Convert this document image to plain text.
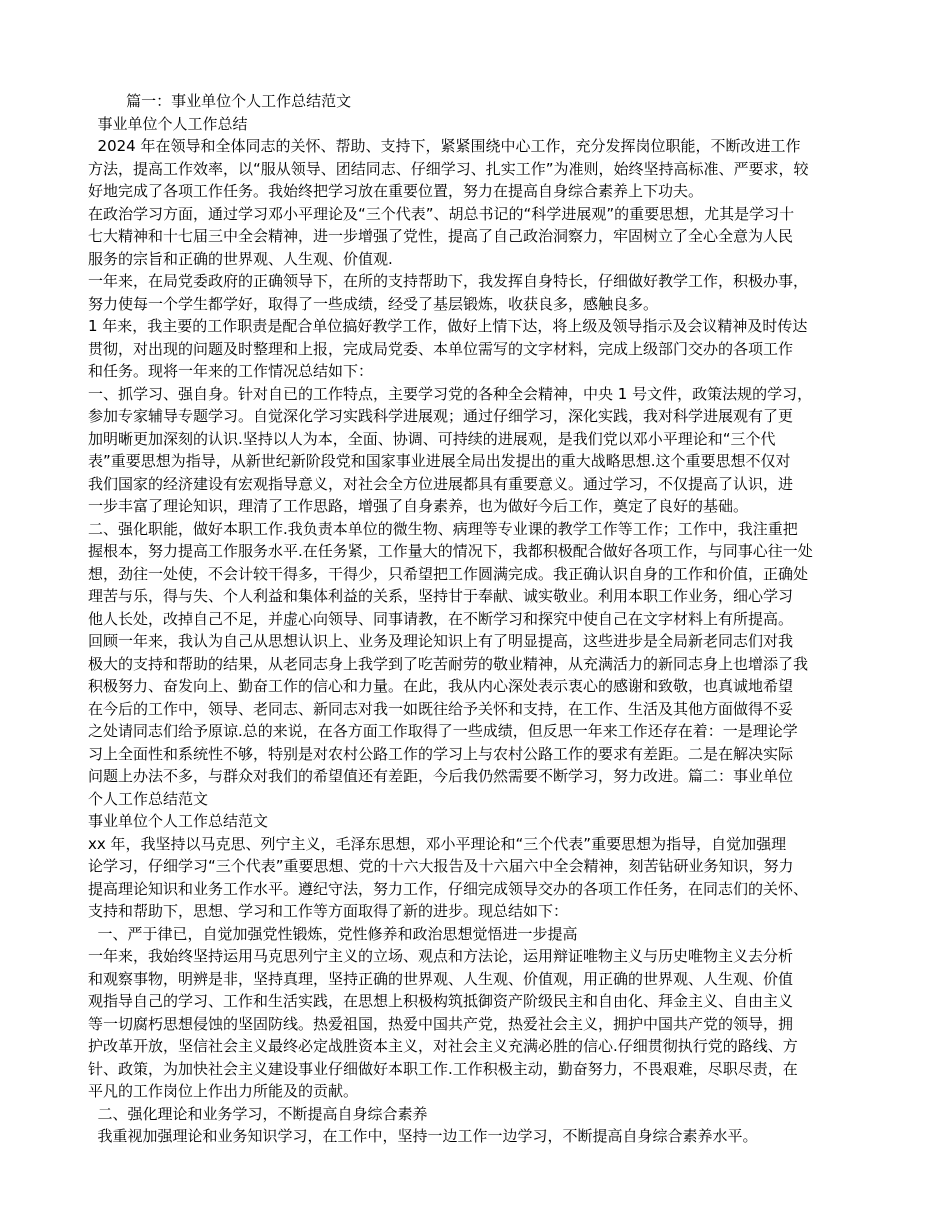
篇一：事业单位个人工作总结范文
事业单位个人工作总结
2024 年在领导和全体同志的关怀、帮助、支持下，紧紧围绕中心工作，充分发挥岗位职能，不断改进工作
方法，提高工作效率，以“服从领导、团结同志、仔细学习、扎实工作”为准则，始终坚持高标准、严要求，较
好地完成了各项工作任务。我始终把学习放在重要位置，努力在提高自身综合素养上下功夫。
在政治学习方面，通过学习邓小平理论及“三个代表”、胡总书记的“科学进展观”的重要思想，尤其是学习十
七大精神和十七届三中全会精神，进一步增强了党性，提高了自己政治洞察力，牢固树立了全心全意为人民
服务的宗旨和正确的世界观、人生观、价值观.
一年来，在局党委政府的正确领导下，在所的支持帮助下，我发挥自身特长，仔细做好教学工作，积极办事，
努力使每一个学生都学好，取得了一些成绩，经受了基层锻炼，收获良多，感触良多。
1 年来，我主要的工作职责是配合单位搞好教学工作，做好上情下达，将上级及领导指示及会议精神及时传达
贯彻，对出现的问题及时整理和上报，完成局党委、本单位需写的文字材料，完成上级部门交办的各项工作
和任务。现将一年来的工作情况总结如下：
一、抓学习、强自身。针对自已的工作特点，主要学习党的各种全会精神，中央 1 号文件，政策法规的学习，
参加专家辅导专题学习。自觉深化学习实践科学进展观；通过仔细学习，深化实践，我对科学进展观有了更
加明晰更加深刻的认识.坚持以人为本，全面、协调、可持续的进展观，是我们党以邓小平理论和“三个代
表”重要思想为指导，从新世纪新阶段党和国家事业进展全局出发提出的重大战略思想.这个重要思想不仅对
我们国家的经济建设有宏观指导意义，对社会全方位进展都具有重要意义。通过学习，不仅提高了认识，进
一步丰富了理论知识，理清了工作思路，增强了自身素养，也为做好今后工作，奠定了良好的基础。
二、强化职能，做好本职工作.我负责本单位的微生物、病理等专业课的教学工作等工作；工作中，我注重把
握根本，努力提高工作服务水平.在任务紧，工作量大的情况下，我都积极配合做好各项工作，与同事心往一处
想，劲往一处使，不会计较干得多，干得少，只希望把工作圆满完成。我正确认识自身的工作和价值，正确处
理苦与乐，得与失、个人利益和集体利益的关系，坚持甘于奉献、诚实敬业。利用本职工作业务，细心学习
他人长处，改掉自己不足，并虚心向领导、同事请教，在不断学习和探究中使自己在文字材料上有所提高。
回顾一年来，我认为自己从思想认识上、业务及理论知识上有了明显提高，这些进步是全局新老同志们对我
极大的支持和帮助的结果，从老同志身上我学到了吃苦耐劳的敬业精神，从充满活力的新同志身上也增添了我
积极努力、奋发向上、勤奋工作的信心和力量。在此，我从内心深处表示衷心的感谢和致敬，也真诚地希望
在今后的工作中，领导、老同志、新同志对我一如既往给予关怀和支持，在工作、生活及其他方面做得不妥
之处请同志们给予原谅.总的来说，在各方面工作取得了一些成绩，但反思一年来工作还存在着：一是理论学
习上全面性和系统性不够，特别是对农村公路工作的学习上与农村公路工作的要求有差距。二是在解决实际
问题上办法不多，与群众对我们的希望值还有差距，今后我仍然需要不断学习，努力改进。篇二：事业单位
个人工作总结范文
事业单位个人工作总结范文
xx 年，我坚持以马克思、列宁主义，毛泽东思想，邓小平理论和“三个代表”重要思想为指导，自觉加强理
论学习，仔细学习“三个代表”重要思想、党的十六大报告及十六届六中全会精神，刻苦钻研业务知识，努力
提高理论知识和业务工作水平。遵纪守法，努力工作，仔细完成领导交办的各项工作任务，在同志们的关怀、
支持和帮助下，思想、学习和工作等方面取得了新的进步。现总结如下：
一、严于律已，自觉加强党性锻炼，党性修养和政治思想觉悟进一步提高
一年来，我始终坚持运用马克思列宁主义的立场、观点和方法论，运用辩证唯物主义与历史唯物主义去分析
和观察事物，明辨是非，坚持真理，坚持正确的世界观、人生观、价值观，用正确的世界观、人生观、价值
观指导自己的学习、工作和生活实践，在思想上积极构筑抵御资产阶级民主和自由化、拜金主义、自由主义
等一切腐朽思想侵蚀的坚固防线。热爱祖国，热爱中国共产党，热爱社会主义，拥护中国共产党的领导，拥
护改革开放，坚信社会主义最终必定战胜资本主义，对社会主义充满必胜的信心.仔细贯彻执行党的路线、方
针、政策，为加快社会主义建设事业仔细做好本职工作.工作积极主动，勤奋努力，不畏艰难，尽职尽责，在
平凡的工作岗位上作出力所能及的贡献。
二、强化理论和业务学习，不断提高自身综合素养
我重视加强理论和业务知识学习，在工作中，坚持一边工作一边学习，不断提高自身综合素养水平。
